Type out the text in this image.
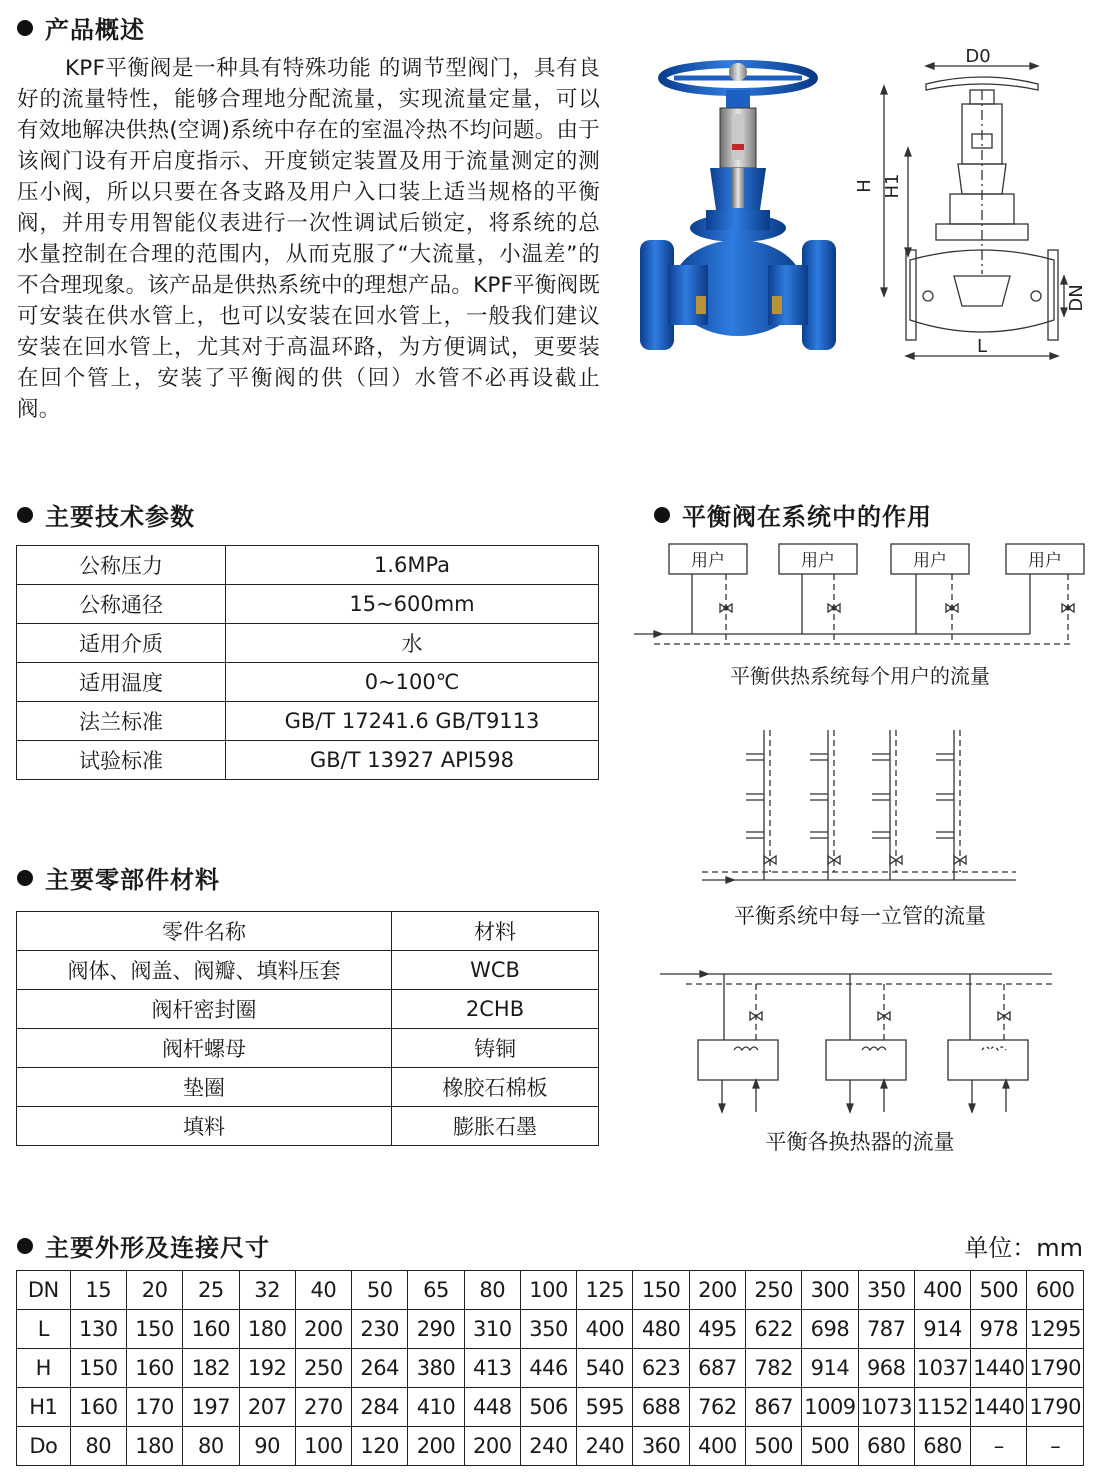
产品概述
KPF平衡阀是一种具有特殊功能 的调节型阀门，具有良好的流量特性，能够合理地分配流量，实现流量定量，可以有效地解决供热(空调)系统中存在的室温冷热不均问题。由于该阀门设有开启度指示、开度锁定装置及用于流量测定的测压小阀，所以只要在各支路及用户入口装上适当规格的平衡阀，并用专用智能仪表进行一次性调试后锁定，将系统的总水量控制在合理的范围内，从而克服了“大流量，小温差”的不合理现象。该产品是供热系统中的理想产品。KPF平衡阀既可安装在供水管上，也可以安装在回水管上，一般我们建议安装在回水管上，尤其对于高温环路，为方便调试，更要装在回个管上，安装了平衡阀的供（回）水管不必再设截止阀。
D0
H H1
DN
L
主要技术参数
公称压力	1.6MPa
公称通径	15~600mm
适用介质	水
适用温度	0~100℃
法兰标准	GB/T 17241.6 GB/T9113
试验标准	GB/T 13927 API598
平衡阀在系统中的作用
用户	用户	用户	用户
平衡供热系统每个用户的流量
平衡系统中每一立管的流量
平衡各换热器的流量
主要零部件材料
零件名称	材料
阀体、阀盖、阀瓣、填料压套	WCB
阀杆密封圈	2CHB
阀杆螺母	铸铜
垫圈	橡胶石棉板
填料	膨胀石墨
主要外形及连接尺寸	单位：mm
DN	15	20	25	32	40	50	65	80	100	125	150	200	250	300	350	400	500	600
L	130	150	160	180	200	230	290	310	350	400	480	495	622	698	787	914	978	1295
H	150	160	182	192	250	264	380	413	446	540	623	687	782	914	968	1037	1440	1790
H1	160	170	197	207	270	284	410	448	506	595	688	762	867	1009	1073	1152	1440	1790
Do	80	180	80	90	100	120	200	200	240	240	360	400	500	500	680	680	–	–
